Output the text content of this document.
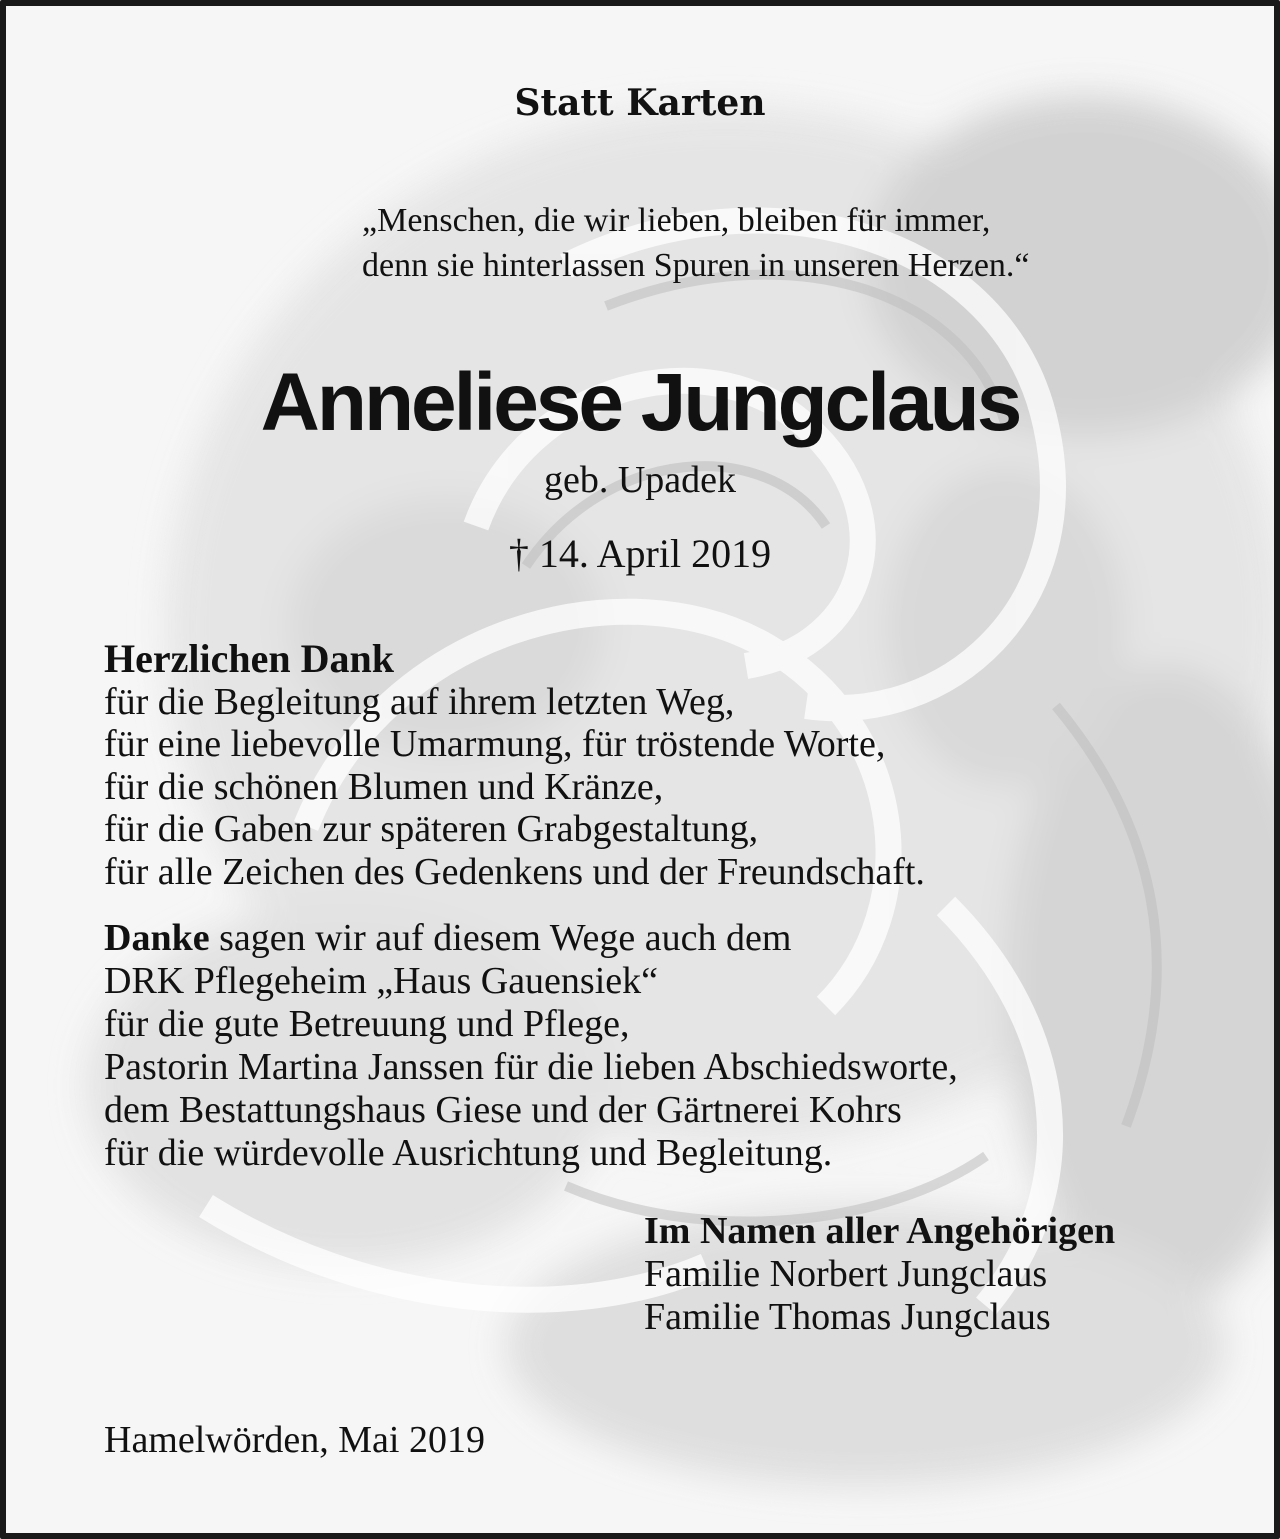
Statt Karten

„Menschen, die wir lieben, bleiben für immer,
denn sie hinterlassen Spuren in unseren Herzen.“

Anneliese Jungclaus

geb. Upadek

† 14. April 2019

Herzlichen Dank
für die Begleitung auf ihrem letzten Weg,
für eine liebevolle Umarmung, für tröstende Worte,
für die schönen Blumen und Kränze,
für die Gaben zur späteren Grabgestaltung,
für alle Zeichen des Gedenkens und der Freundschaft.
Danke sagen wir auf diesem Wege auch dem
DRK Pflegeheim „Haus Gauensiek“
für die gute Betreuung und Pflege,
Pastorin Martina Janssen für die lieben Abschiedsworte,
dem Bestattungshaus Giese und der Gärtnerei Kohrs
für die würdevolle Ausrichtung und Begleitung.
Im Namen aller Angehörigen
Familie Norbert Jungclaus
Familie Thomas Jungclaus

Hamelwörden, Mai 2019
